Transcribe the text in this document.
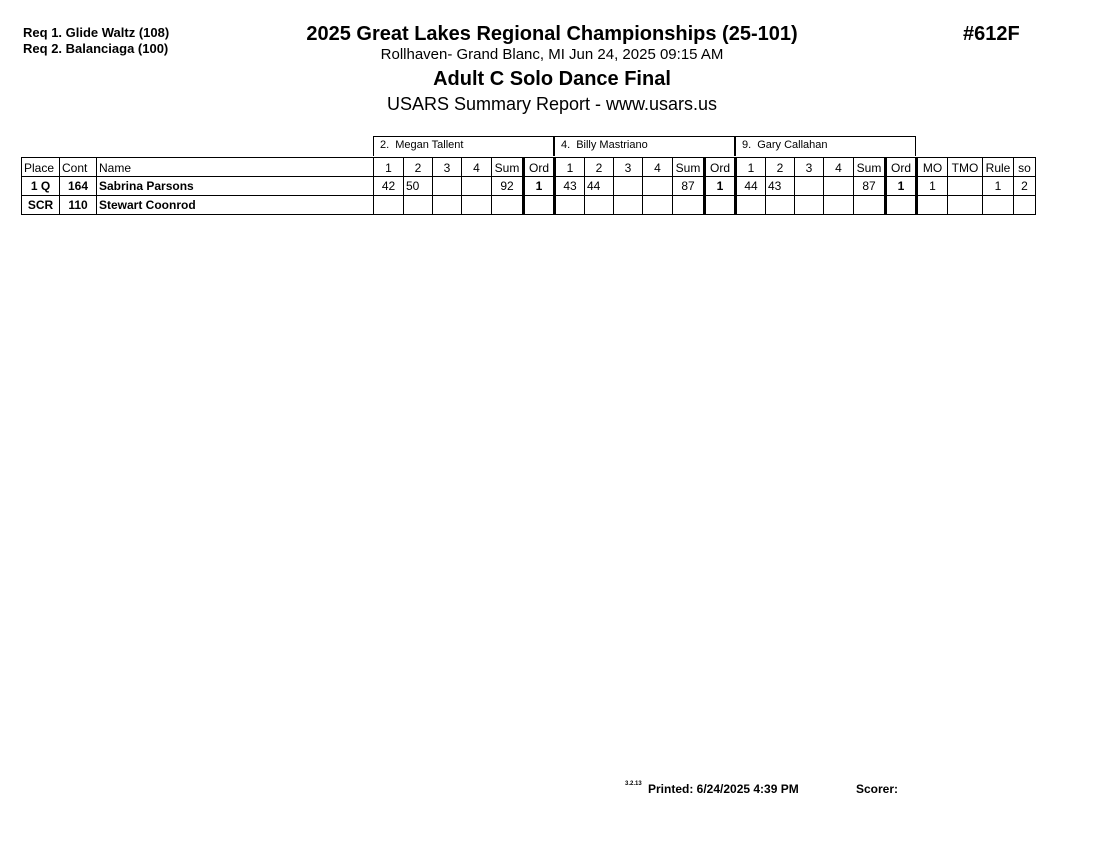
Req 1. Glide Waltz (108)
Req 2. Balanciaga (100)
2025 Great Lakes Regional Championships (25-101)
Rollhaven- Grand Blanc, MI Jun 24, 2025 09:15 AM
Adult C Solo Dance Final
USARS Summary Report - www.usars.us
#612F
2. Megan Tallent	4. Billy Mastriano	9. Gary Callahan
Place	Cont	Name	1	2	3	4	Sum	Ord	1	2	3	4	Sum	Ord	1	2	3	4	Sum	Ord	MO	TMO	Rule	so
1 Q	164	Sabrina Parsons	42	50			92	1	43	44			87	1	44	43			87	1	1		1	2
SCR	110	Stewart Coonrod																						
3.2.13 Printed: 6/24/2025 4:39 PM	Scorer:
